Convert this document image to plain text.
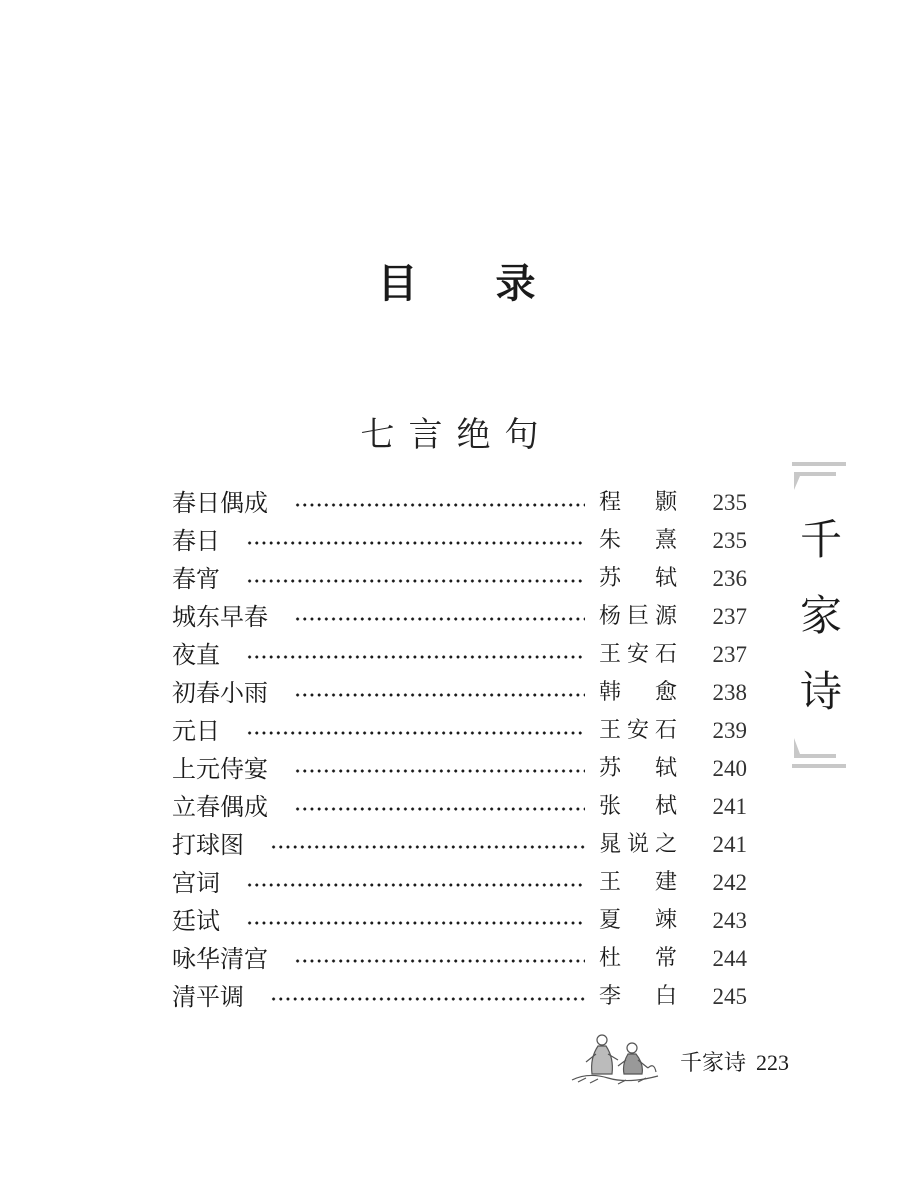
目 录
七言绝句
春日偶成	程　颢	235
春日	朱　熹	235
春宵	苏　轼	236
城东早春	杨巨源	237
夜直	王安石	237
初春小雨	韩　愈	238
元日	王安石	239
上元侍宴	苏　轼	240
立春偶成	张　栻	241
打球图	晁说之	241
宫词	王　建	242
廷试	夏　竦	243
咏华清宫	杜　常	244
清平调	李　白	245
千
家
诗
千家诗 223
